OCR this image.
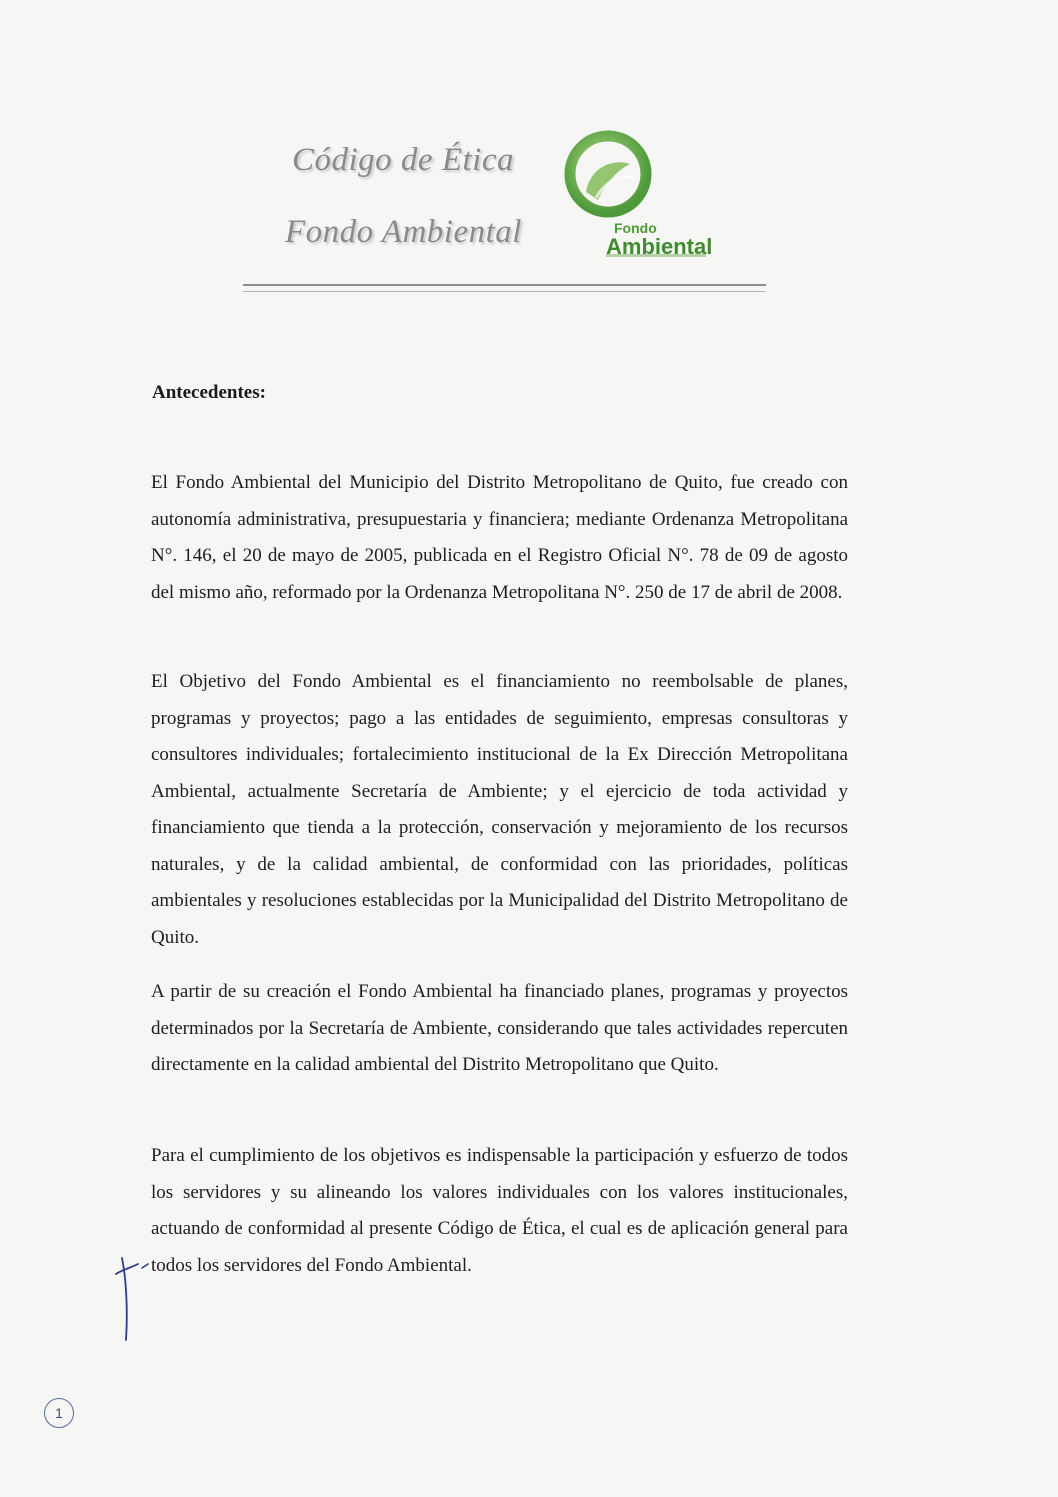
Código de Ética
Fondo Ambiental	Fondo
Ambiental
Antecedentes:

El Fondo Ambiental del Municipio del Distrito Metropolitano de Quito, fue creado con autonomía administrativa, presupuestaria y financiera; mediante Ordenanza Metropolitana N°. 146, el 20 de mayo de 2005, publicada en el Registro Oficial N°. 78 de 09 de agosto del mismo año, reformado por la Ordenanza Metropolitana N°. 250 de 17 de abril de 2008.

El Objetivo del Fondo Ambiental es el financiamiento no reembolsable de planes, programas y proyectos; pago a las entidades de seguimiento, empresas consultoras y consultores individuales; fortalecimiento institucional de la Ex Dirección Metropolitana Ambiental, actualmente Secretaría de Ambiente; y el ejercicio de toda actividad y financiamiento que tienda a la protección, conservación y mejoramiento de los recursos naturales, y de la calidad ambiental, de conformidad con las prioridades, políticas ambientales y resoluciones establecidas por la Municipalidad del Distrito Metropolitano de Quito.

A partir de su creación el Fondo Ambiental ha financiado planes, programas y proyectos determinados por la Secretaría de Ambiente, considerando que tales actividades repercuten directamente en la calidad ambiental del Distrito Metropolitano que Quito.

Para el cumplimiento de los objetivos es indispensable la participación y esfuerzo de todos los servidores y su alineando los valores individuales con los valores institucionales, actuando de conformidad al presente Código de Ética, el cual es de aplicación general para todos los servidores del Fondo Ambiental.

1
